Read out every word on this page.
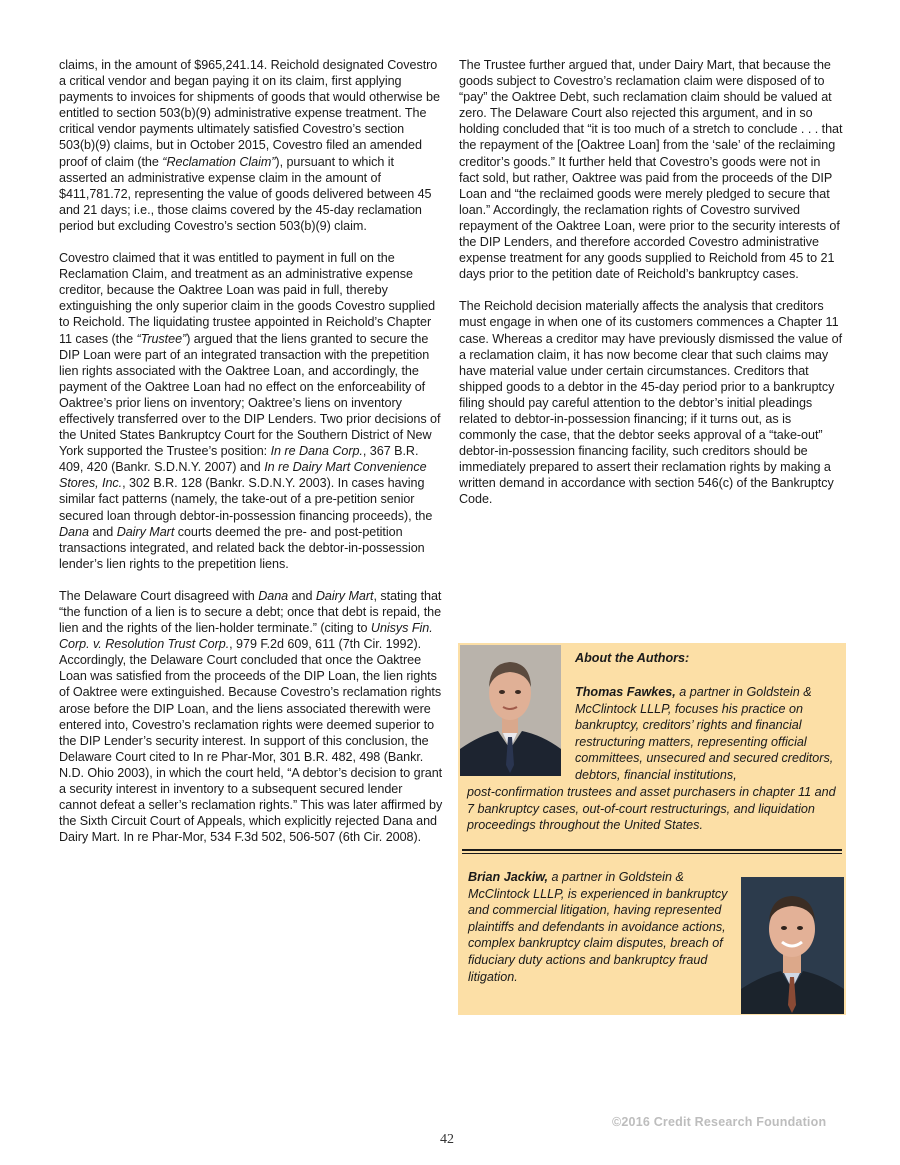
claims, in the amount of $965,241.14. Reichold designated Covestro a critical vendor and began paying it on its claim, first applying payments to invoices for shipments of goods that would otherwise be entitled to section 503(b)(9) administrative expense treatment. The critical vendor payments ultimately satisfied Covestro’s section 503(b)(9) claims, but in October 2015, Covestro filed an amended proof of claim (the “Reclamation Claim”), pursuant to which it asserted an administrative expense claim in the amount of $411,781.72, representing the value of goods delivered between 45 and 21 days; i.e., those claims covered by the 45-day reclamation period but excluding Covestro’s section 503(b)(9) claim.

Covestro claimed that it was entitled to payment in full on the Reclamation Claim, and treatment as an administrative expense creditor, because the Oaktree Loan was paid in full, thereby extinguishing the only superior claim in the goods Covestro supplied to Reichold. The liquidating trustee appointed in Reichold’s Chapter 11 cases (the “Trustee”) argued that the liens granted to secure the DIP Loan were part of an integrated transaction with the prepetition lien rights associated with the Oaktree Loan, and accordingly, the payment of the Oaktree Loan had no effect on the enforceability of Oaktree’s prior liens on inventory; Oaktree’s liens on inventory effectively transferred over to the DIP Lenders. Two prior decisions of the United States Bankruptcy Court for the Southern District of New York supported the Trustee’s position: In re Dana Corp., 367 B.R. 409, 420 (Bankr. S.D.N.Y. 2007) and In re Dairy Mart Convenience Stores, Inc., 302 B.R. 128 (Bankr. S.D.N.Y. 2003). In cases having similar fact patterns (namely, the take-out of a pre-petition senior secured loan through debtor-in-possession financing proceeds), the Dana and Dairy Mart courts deemed the pre- and post-petition transactions integrated, and related back the debtor-in-possession lender’s lien rights to the prepetition liens.

The Delaware Court disagreed with Dana and Dairy Mart, stating that “the function of a lien is to secure a debt; once that debt is repaid, the lien and the rights of the lien-holder terminate.” (citing to Unisys Fin. Corp. v. Resolution Trust Corp., 979 F.2d 609, 611 (7th Cir. 1992). Accordingly, the Delaware Court concluded that once the Oaktree Loan was satisfied from the proceeds of the DIP Loan, the lien rights of Oaktree were extinguished. Because Covestro’s reclamation rights arose before the DIP Loan, and the liens associated therewith were entered into, Covestro’s reclamation rights were deemed superior to the DIP Lender’s security interest. In support of this conclusion, the Delaware Court cited to In re Phar-Mor, 301 B.R. 482, 498 (Bankr. N.D. Ohio 2003), in which the court held, “A debtor’s decision to grant a security interest in inventory to a subsequent secured lender cannot defeat a seller’s reclamation rights.” This was later affirmed by the Sixth Circuit Court of Appeals, which explicitly rejected Dana and Dairy Mart. In re Phar-Mor, 534 F.3d 502, 506-507 (6th Cir. 2008).

The Trustee further argued that, under Dairy Mart, that because the goods subject to Covestro’s reclamation claim were disposed of to “pay” the Oaktree Debt, such reclamation claim should be valued at zero. The Delaware Court also rejected this argument, and in so holding concluded that “it is too much of a stretch to conclude . . . that the repayment of the [Oaktree Loan] from the ‘sale’ of the reclaiming creditor’s goods.” It further held that Covestro’s goods were not in fact sold, but rather, Oaktree was paid from the proceeds of the DIP Loan and “the reclaimed goods were merely pledged to secure that loan.” Accordingly, the reclamation rights of Covestro survived repayment of the Oaktree Loan, were prior to the security interests of the DIP Lenders, and therefore accorded Covestro administrative expense treatment for any goods supplied to Reichold from 45 to 21 days prior to the petition date of Reichold’s bankruptcy cases.

The Reichold decision materially affects the analysis that creditors must engage in when one of its customers commences a Chapter 11 case. Whereas a creditor may have previously dismissed the value of a reclamation claim, it has now become clear that such claims may have material value under certain circumstances. Creditors that shipped goods to a debtor in the 45-day period prior to a bankruptcy filing should pay careful attention to the debtor’s initial pleadings related to debtor-in-possession financing; if it turns out, as is commonly the case, that the debtor seeks approval of a “take-out” debtor-in-possession financing facility, such creditors should be immediately prepared to assert their reclamation rights by making a written demand in accordance with section 546(c) of the Bankruptcy Code.

About the Authors:
Thomas Fawkes, a partner in Goldstein & McClintock LLLP, focuses his practice on bankruptcy, creditors’ rights and financial restructuring matters, representing official committees, unsecured and secured creditors, debtors, financial institutions,
post-confirmation trustees and asset purchasers in chapter 11 and 7 bankruptcy cases, out-of-court restructurings, and liquidation proceedings throughout the United States.
Brian Jackiw, a partner in Goldstein & McClintock LLLP, is experienced in bankruptcy and commercial litigation, having represented plaintiffs and defendants in avoidance actions, complex bankruptcy claim disputes, breach of fiduciary duty actions and bankruptcy fraud litigation.
©2016 Credit Research Foundation
42
